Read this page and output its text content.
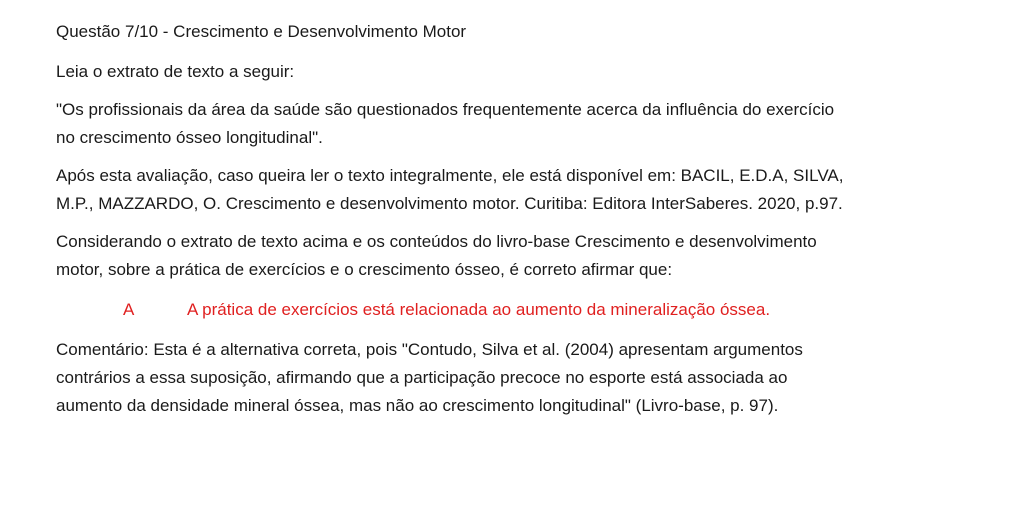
Questão 7/10 - Crescimento e Desenvolvimento Motor

Leia o extrato de texto a seguir:

"Os profissionais da área da saúde são questionados frequentemente acerca da influência do exercício no crescimento ósseo longitudinal".

Após esta avaliação, caso queira ler o texto integralmente, ele está disponível em: BACIL, E.D.A, SILVA, M.P., MAZZARDO, O. Crescimento e desenvolvimento motor. Curitiba: Editora InterSaberes. 2020, p.97.

Considerando o extrato de texto acima e os conteúdos do livro-base Crescimento e desenvolvimento motor, sobre a prática de exercícios e o crescimento ósseo, é correto afirmar que:

A	A prática de exercícios está relacionada ao aumento da mineralização óssea.

Comentário: Esta é a alternativa correta, pois "Contudo, Silva et al. (2004) apresentam argumentos contrários a essa suposição, afirmando que a participação precoce no esporte está associada ao aumento da densidade mineral óssea, mas não ao crescimento longitudinal" (Livro-base, p. 97).
